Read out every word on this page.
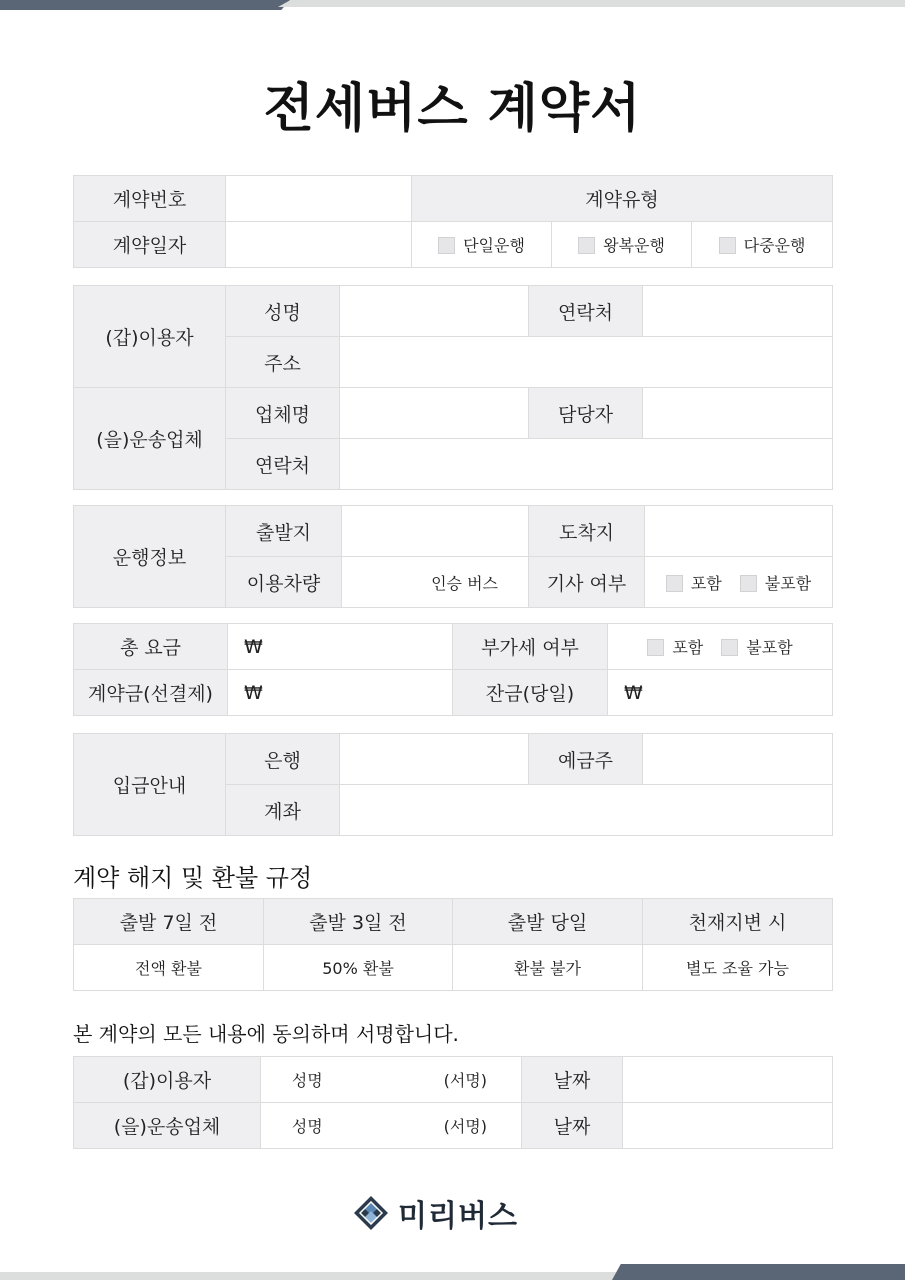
전세버스 계약서
계약번호		계약유형		
계약일자		단일운행	왕복운행	다중운행
(갑)이용자	성명		연락처	
	주소			
(을)운송업체	업체명		담당자	
	연락처			
운행정보	출발지		도착지	
	이용차량	인승 버스	기사 여부	포함 불포함
총 요금	₩	부가세 여부	포함 불포함
계약금(선결제)	₩	잔금(당일)	₩
입금안내	은행		예금주	
	계좌			
계약 해지 및 환불 규정
출발 7일 전	출발 3일 전	출발 당일	천재지변 시
전액 환불	50% 환불	환불 불가	별도 조율 가능
본 계약의 모든 내용에 동의하며 서명합니다.
(갑)이용자	성명	(서명)	날짜	
(을)운송업체	성명	(서명)	날짜	
미리버스
